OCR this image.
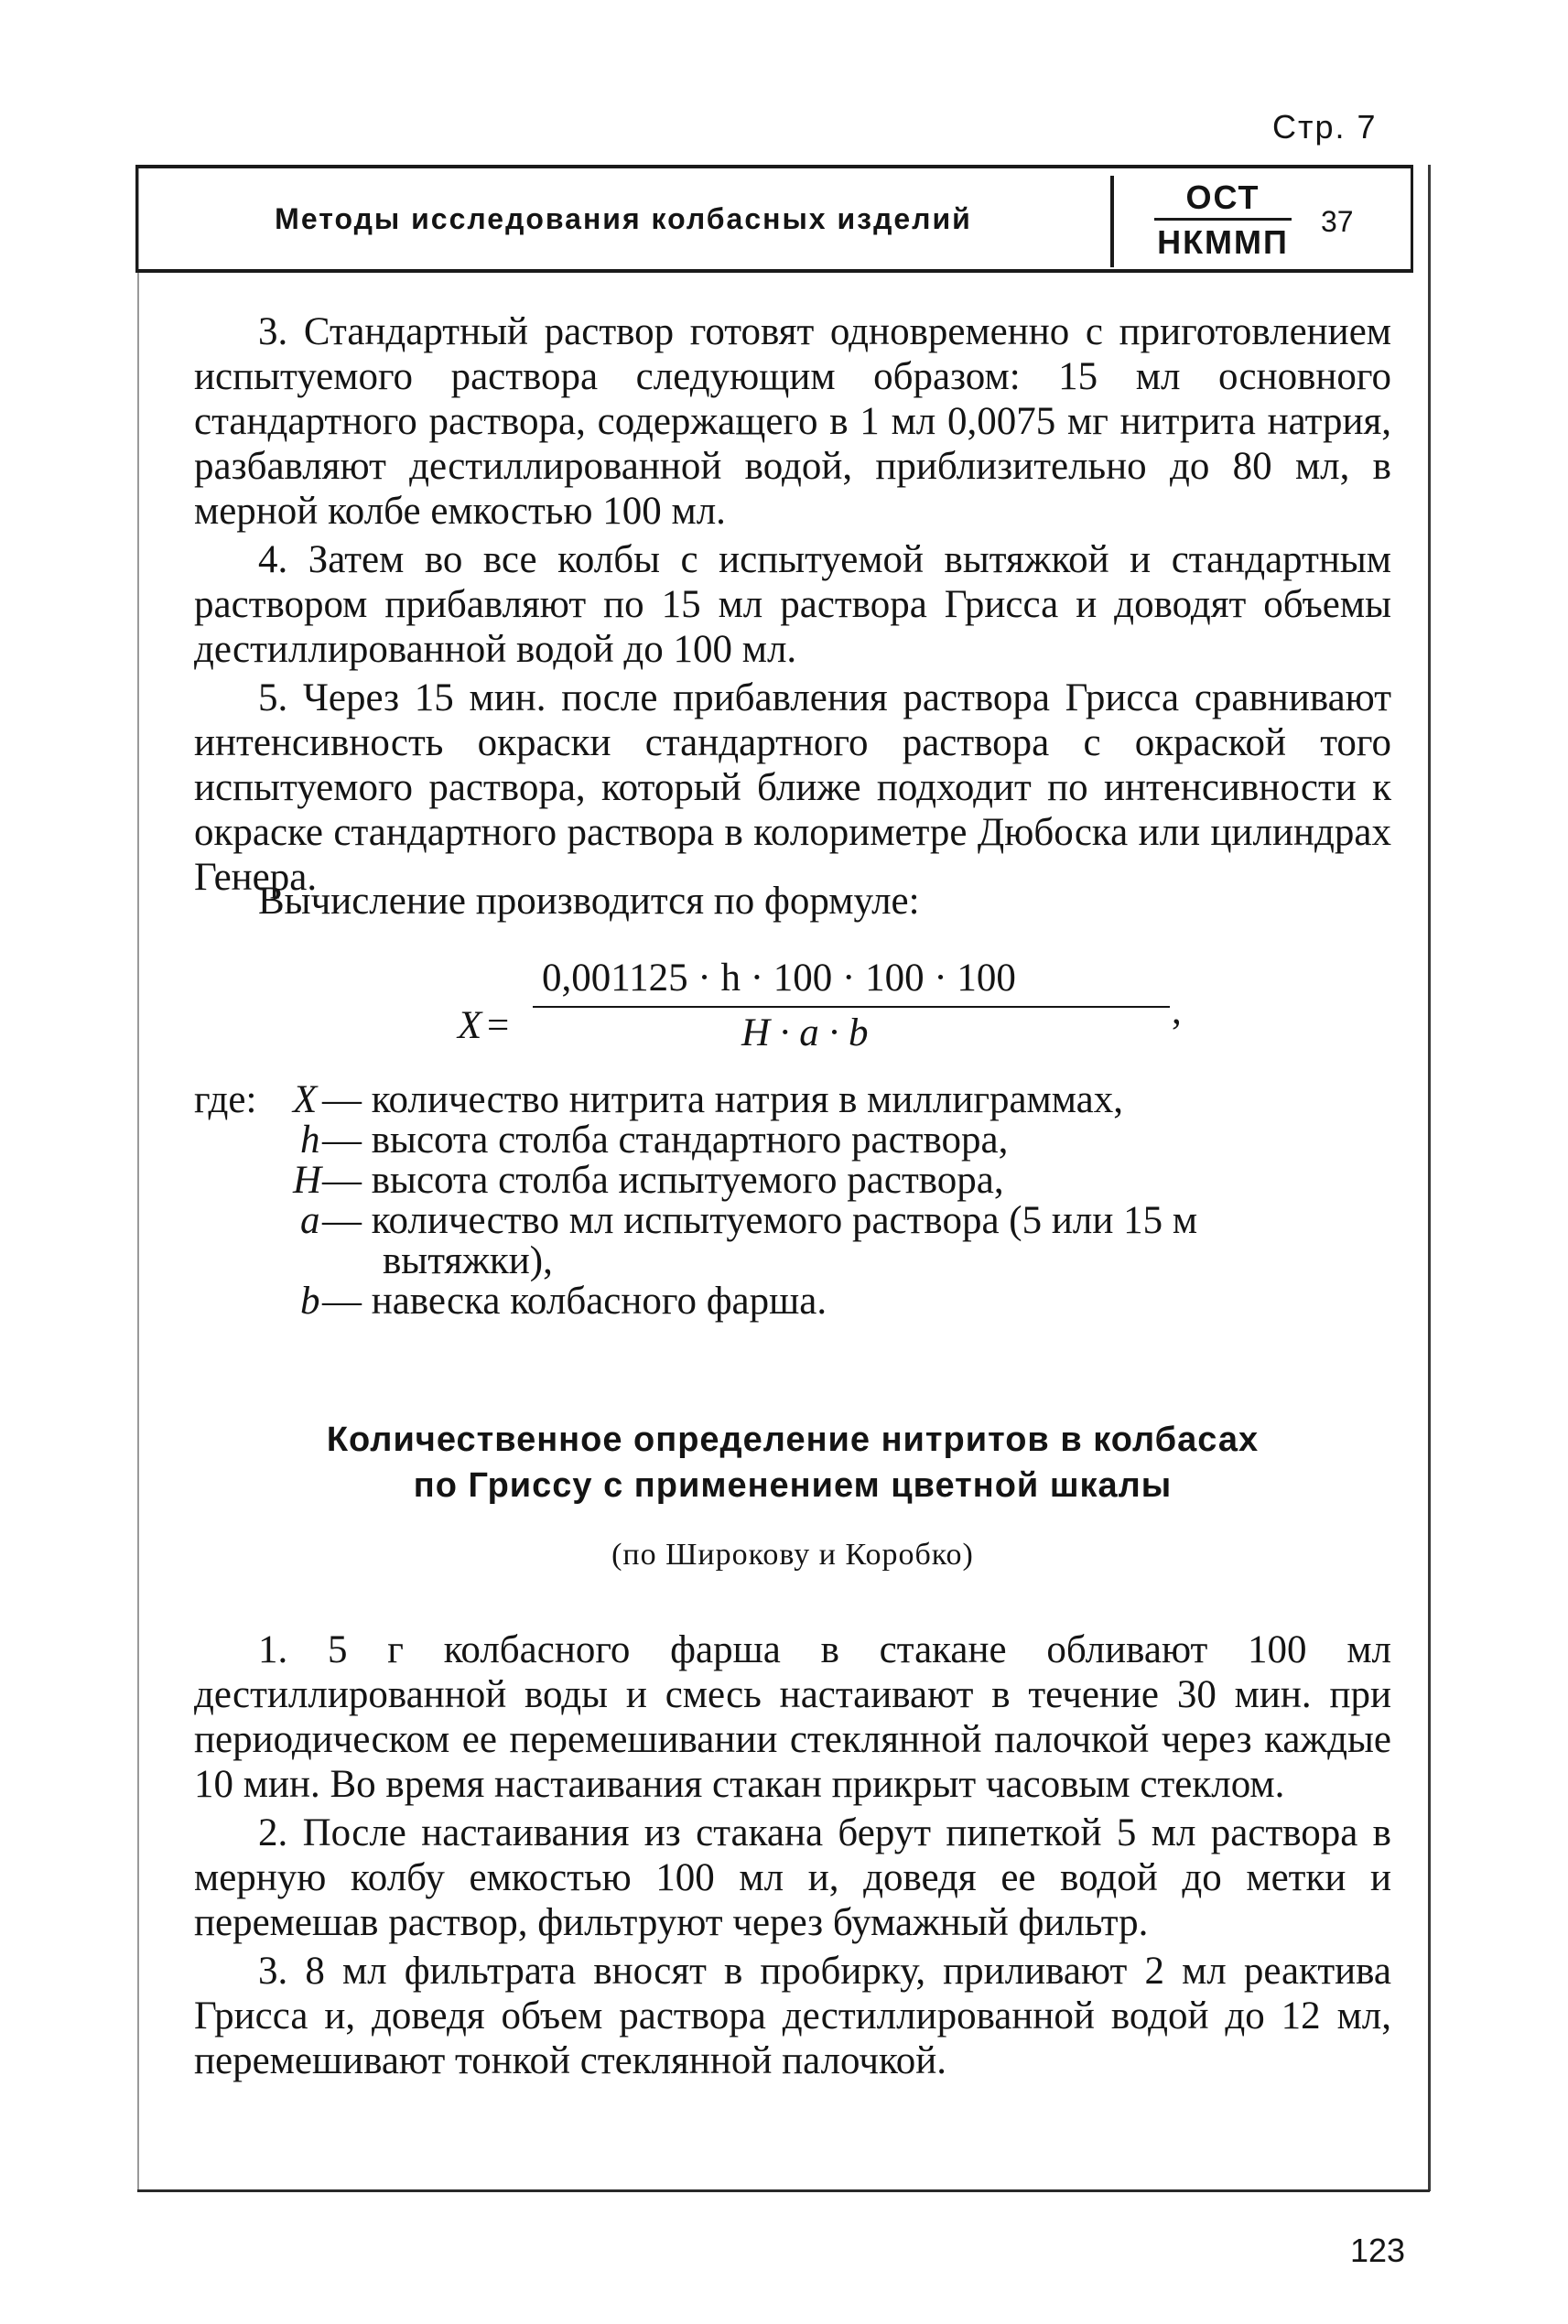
Стр. 7
Методы исследования колбасных изделий
ОСТ
НКММП
37

3. Стандартный раствор готовят одновременно с приготовлением испытуемого раствора следующим образом: 15 мл основного стандартного раствора, содержащего в 1 мл 0,0075 мг нитрита натрия, разбавляют дестиллированной водой, приблизительно до 80 мл, в мерной колбе емкостью 100 мл.

4. Затем во все колбы с испытуемой вытяжкой и стандартным раствором прибавляют по 15 мл раствора Грисса и доводят объемы дестиллированной водой до 100 мл.

5. Через 15 мин. после прибавления раствора Грисса сравнивают интенсивность окраски стандартного раствора с окраской того испытуемого раствора, который ближе подходит по интенсивности к окраске стандартного раствора в колориметре Дюбоска или цилиндрах Генера.

Вычисление производится по формуле:

X =
0,001125 · h · 100 · 100 · 100
H · a · b
,
где: X — количество нитрита натрия в миллиграммах,
h — высота столба стандартного раствора,
H — высота столба испытуемого раствора,
a — количество мл испытуемого раствора (5 или 15 м
вытяжки),
b — навеска колбасного фарша.
Количественное определение нитритов в колбасах
по Гриссу с применением цветной шкалы
(по Широкову и Коробко)

1. 5 г колбасного фарша в стакане обливают 100 мл дестиллированной воды и смесь настаивают в течение 30 мин. при периодическом ее перемешивании стеклянной палочкой через каждые 10 мин. Во время настаивания стакан прикрыт часовым стеклом.

2. После настаивания из стакана берут пипеткой 5 мл раствора в мерную колбу емкостью 100 мл и, доведя ее водой до метки и перемешав раствор, фильтруют через бумажный фильтр.

3. 8 мл фильтрата вносят в пробирку, приливают 2 мл реактива Грисса и, доведя объем раствора дестиллированной водой до 12 мл, перемешивают тонкой стеклянной палочкой.

123
